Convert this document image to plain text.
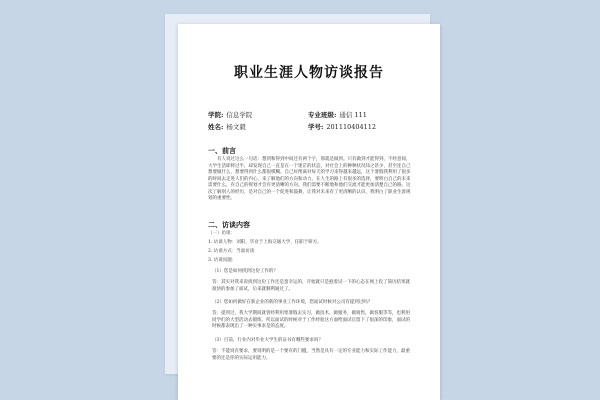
职业生涯人物访谈报告
学院: 信息学院	专业班级: 通信 111
姓名: 杨文毅	学号: 201110404112
一、前言
有人说过这么一句话：想到和得到中间还有两个字，那就是做到。只有做到才能得到，不经意间，大学生活即将过半，却发现自己一直是在一个迷茫的状态，对社会上的种种状况知之甚少，甚至连自己想要做什么，想要得到什么都很模糊。自己好像离对每天的学习来得越来越远，这个暑假我利用了很多的时间去走进人们的内心，来了解他们的方向和动力。在人生的路上有很多的选择，要明白自己的未来需要什么，有自己的规划才会有更清晰的方向。我们需要不断地和他们交流才能更加清楚自己的路。这次了解别人的经历，是对自己的一个促进和鼓舞，让我对未来有了更清晰的认识，我明白了职业生涯规划的重要性。
二、访谈内容
（一）访谈：
1. 访谈人物：刘阳，毕业于上海交通大学，任职于研方。
2. 访谈方式：当面访谈
3. 访谈问题：
（1）您是如何找到这份工作的？
答：其实对我来说找到这份工作还是蛮幸运的，开始就只是抱着试一下的心态在网上投了简历结果就很快的参加了面试，后来就顺利通过了。
（2）您如何做好在新企业的新的事业工作环境，您面试时候对公司有提到过吗？
答：提到过，我大学期间就曾经利用寒暑假去实习，做技术，做服务，做销售，做客服等等，也利用同学们的大型活动去锻炼，所以面试的时候对于工作经验这方面给面试官留下了很深的印象，面试的时候都表现出了一种实事求是的态度。
（3）目前，行业内对毕业大学生的证书有哪些要求吗？
答：不能说有要求，要说明的是一个要有的门槛，当然是具有一定的专业能力和实际工作能力，最重要的还是你的实际运用能力。
